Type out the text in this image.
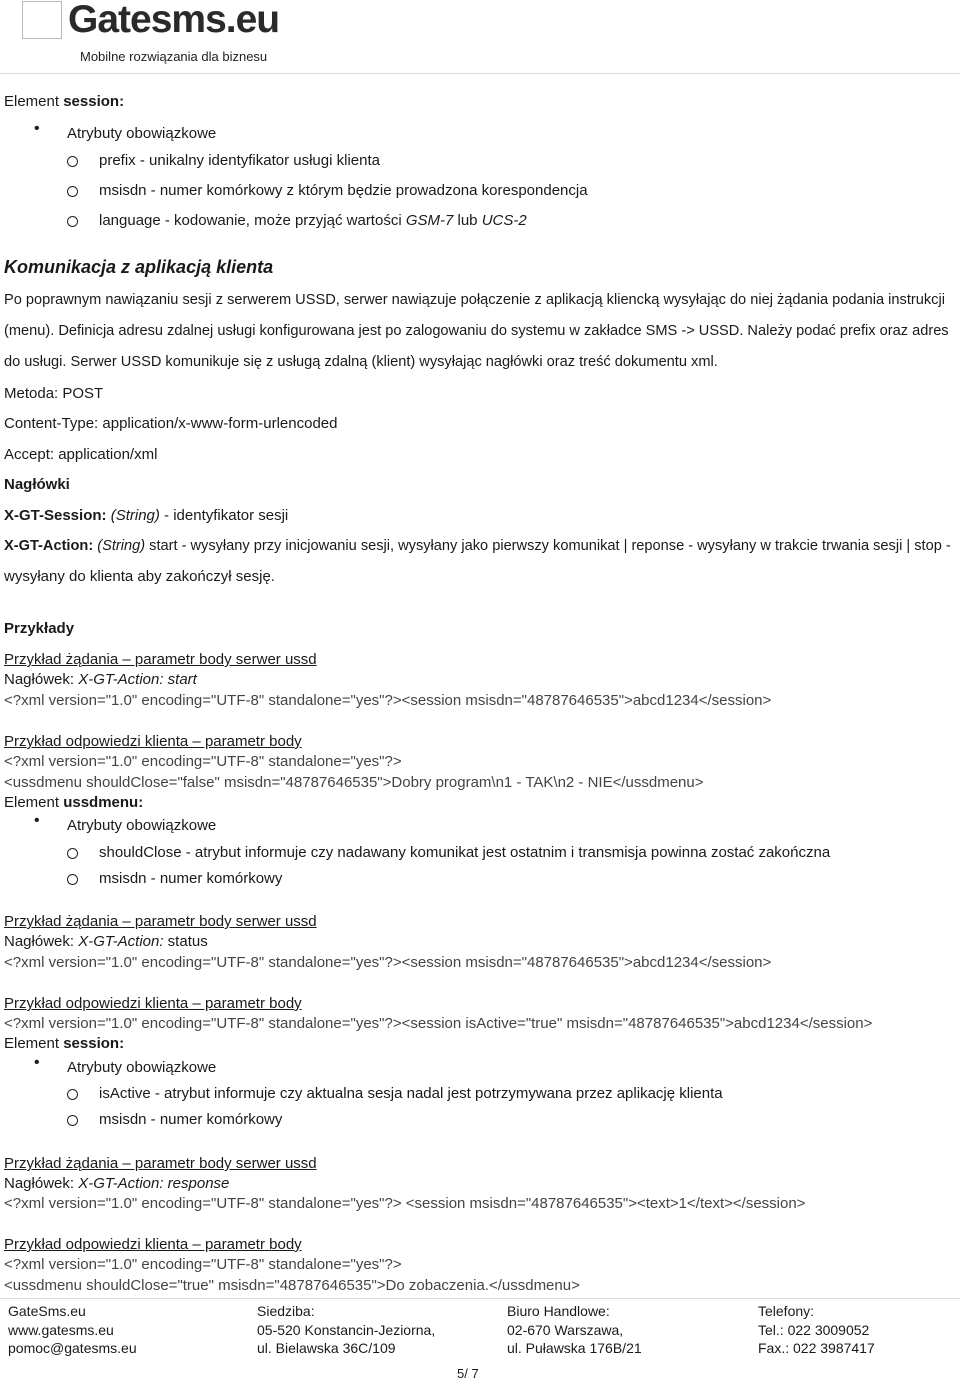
Gatesms.eu
Mobilne rozwiązania dla biznesu
Element session:
• Atrybuty obowiązkowe
prefix - unikalny identyfikator usługi klienta
msisdn - numer komórkowy z którym będzie prowadzona korespondencja
language - kodowanie, może przyjąć wartości GSM-7 lub UCS-2
Komunikacja z aplikacją klienta
Po poprawnym nawiązaniu sesji z serwerem USSD, serwer nawiązuje połączenie z aplikacją kliencką wysyłając do niej żądania podania instrukcji
(menu). Definicja adresu zdalnej usługi konfigurowana jest po zalogowaniu do systemu w zakładce SMS -> USSD. Należy podać prefix oraz adres
do usługi. Serwer USSD komunikuje się z usługą zdalną (klient) wysyłając nagłówki oraz treść dokumentu xml.
Metoda: POST
Content-Type: application/x-www-form-urlencoded
Accept: application/xml
Nagłówki
X-GT-Session: (String) - identyfikator sesji
X-GT-Action: (String) start - wysyłany przy inicjowaniu sesji, wysyłany jako pierwszy komunikat | reponse - wysyłany w trakcie trwania sesji | stop -
wysyłany do klienta aby zakończył sesję.
Przykłady
Przykład żądania – parametr body serwer ussd
Nagłówek: X-GT-Action: start
<?xml version="1.0" encoding="UTF-8" standalone="yes"?><session msisdn="48787646535">abcd1234</session>
Przykład odpowiedzi klienta – parametr body
<?xml version="1.0" encoding="UTF-8" standalone="yes"?>
<ussdmenu shouldClose="false" msisdn="48787646535">Dobry program\n1 - TAK\n2 - NIE</ussdmenu>
Element ussdmenu:
• Atrybuty obowiązkowe
shouldClose - atrybut informuje czy nadawany komunikat jest ostatnim i transmisja powinna zostać zakończna
msisdn - numer komórkowy
Przykład żądania – parametr body serwer ussd
Nagłówek: X-GT-Action: status
<?xml version="1.0" encoding="UTF-8" standalone="yes"?><session msisdn="48787646535">abcd1234</session>
Przykład odpowiedzi klienta – parametr body
<?xml version="1.0" encoding="UTF-8" standalone="yes"?><session isActive="true" msisdn="48787646535">abcd1234</session>
Element session:
• Atrybuty obowiązkowe
isActive - atrybut informuje czy aktualna sesja nadal jest potrzymywana przez aplikację klienta
msisdn - numer komórkowy
Przykład żądania – parametr body serwer ussd
Nagłówek: X-GT-Action: response
<?xml version="1.0" encoding="UTF-8" standalone="yes"?> <session msisdn="48787646535"><text>1</text></session>
Przykład odpowiedzi klienta – parametr body
<?xml version="1.0" encoding="UTF-8" standalone="yes"?>
<ussdmenu shouldClose="true" msisdn="48787646535">Do zobaczenia.</ussdmenu>
GateSms.eu
www.gatesms.eu
pomoc@gatesms.eu
Siedziba:
05-520 Konstancin-Jeziorna,
ul. Bielawska 36C/109
Biuro Handlowe:
02-670 Warszawa,
ul. Puławska 176B/21
Telefony:
Tel.: 022 3009052
Fax.: 022 3987417
5/ 7
